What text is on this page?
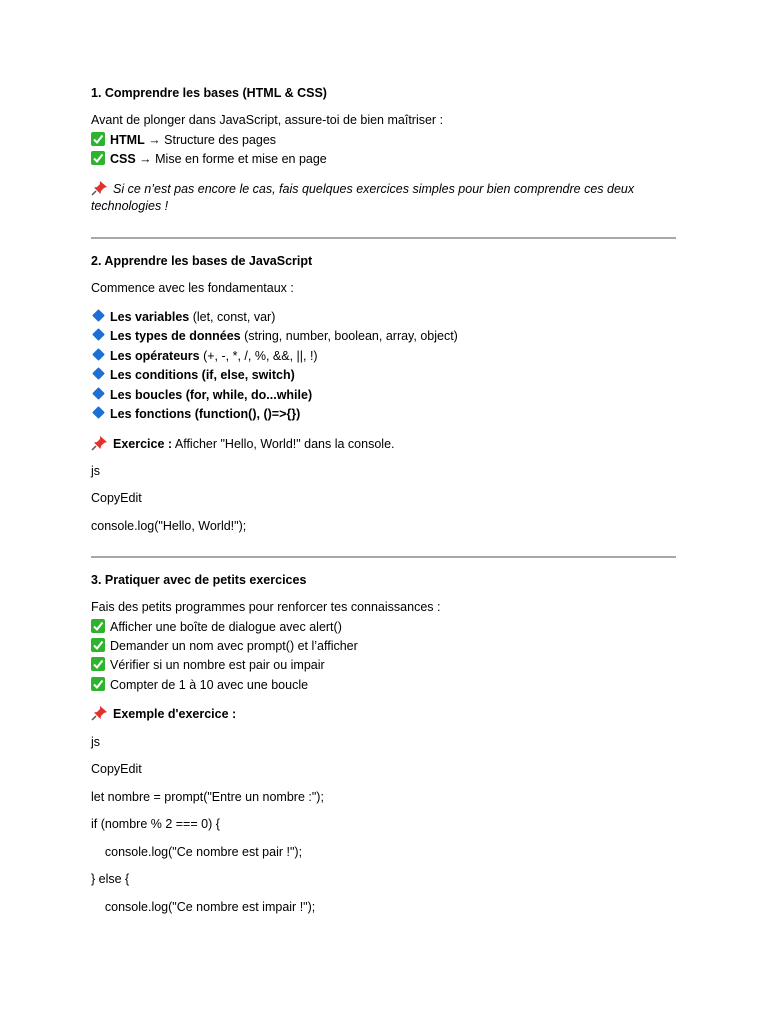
1. Comprendre les bases (HTML & CSS)
Avant de plonger dans JavaScript, assure-toi de bien maîtriser :
HTML → Structure des pages
CSS → Mise en forme et mise en page
Si ce n’est pas encore le cas, fais quelques exercices simples pour bien comprendre ces deux
technologies !
2. Apprendre les bases de JavaScript
Commence avec les fondamentaux :
Les variables (let, const, var)
Les types de données (string, number, boolean, array, object)
Les opérateurs (+, -, *, /, %, &&, ||, !)
Les conditions (if, else, switch)
Les boucles (for, while, do...while)
Les fonctions (function(), ()=>{})
Exercice : Afficher "Hello, World!" dans la console.
js
CopyEdit
console.log("Hello, World!");
3. Pratiquer avec de petits exercices
Fais des petits programmes pour renforcer tes connaissances :
Afficher une boîte de dialogue avec alert()
Demander un nom avec prompt() et l’afficher
Vérifier si un nombre est pair ou impair
Compter de 1 à 10 avec une boucle
Exemple d'exercice :
js
CopyEdit
let nombre = prompt("Entre un nombre :");
if (nombre % 2 === 0) {
console.log("Ce nombre est pair !");
} else {
console.log("Ce nombre est impair !");
